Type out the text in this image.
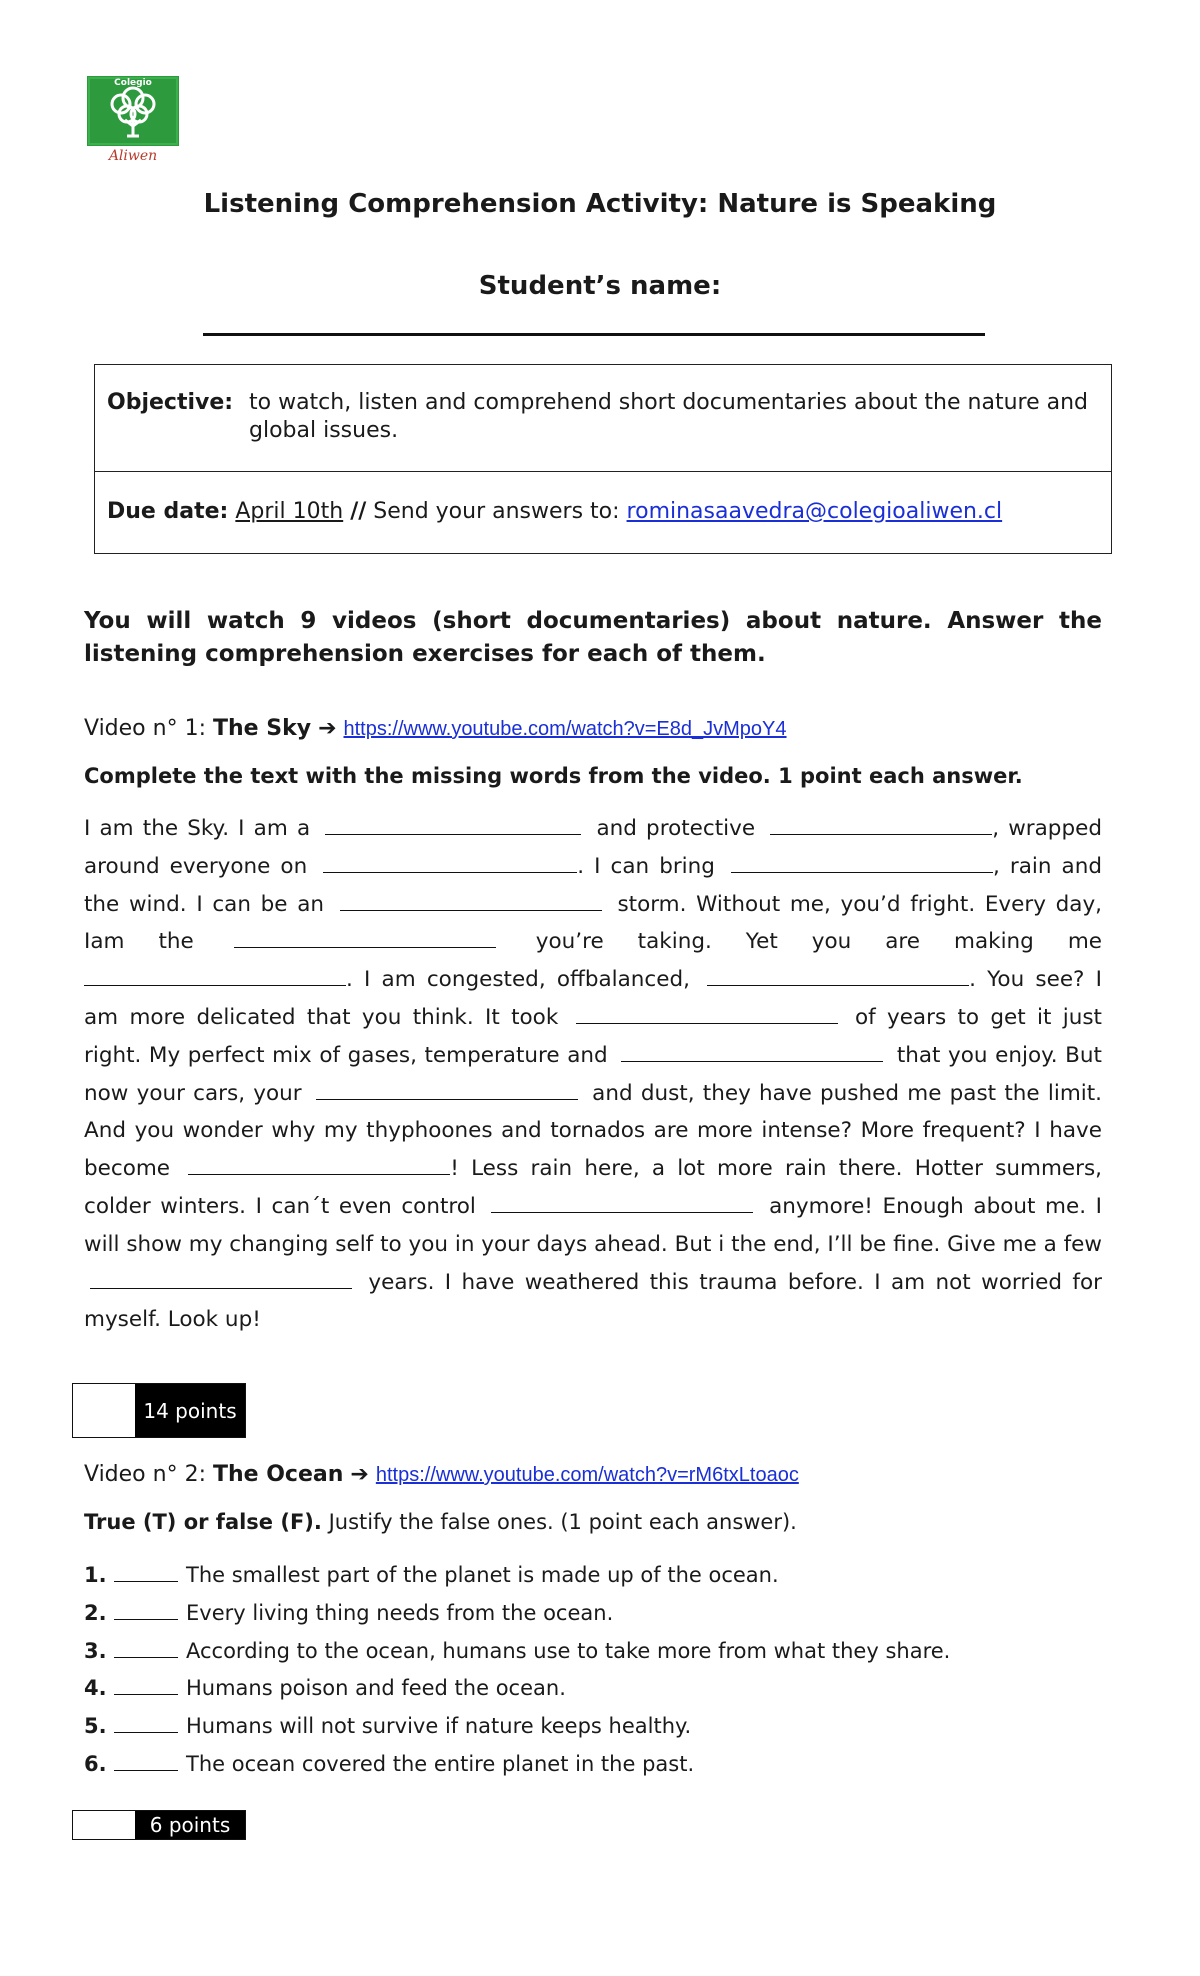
Colegio
Aliwen
Listening Comprehension Activity: Nature is Speaking
Student’s name:
Objective: to watch, listen and comprehend short documentaries about the nature and global issues.
Due date: April 10th // Send your answers to: rominasaavedra@colegioaliwen.cl
You will watch 9 videos (short documentaries) about nature. Answer the listening comprehension exercises for each of them.
Video n° 1: The Sky ➔ https://www.youtube.com/watch?v=E8d_JvMpoY4
Complete the text with the missing words from the video. 1 point each answer.
I am the Sky. I am a	and protective	, wrapped around everyone on	. I can bring	, rain and the wind. I can be an	storm. Without me, you’d fright. Every day, Iam the	you’re taking. Yet you are making me . I am congested, offbalanced,	. You see? I am more delicated that you think. It took	of years to get it just right. My perfect mix of gases, temperature and	that you enjoy. But now your cars, your	and dust, they have pushed me past the limit. And you wonder why my thyphoones and tornados are more intense? More frequent? I have become	! Less rain here, a lot more rain there. Hotter summers, colder winters. I can´t even control	anymore! Enough about me. I will show my changing self to you in your days ahead. But i the end, I’ll be fine. Give me a few  years. I have weathered this trauma before. I am not worried for myself. Look up!
14 points
Video n° 2: The Ocean ➔ https://www.youtube.com/watch?v=rM6txLtoaoc
True (T) or false (F). Justify the false ones. (1 point each answer).
1.	The smallest part of the planet is made up of the ocean.
2.	Every living thing needs from the ocean.
3.	According to the ocean, humans use to take more from what they share.
4.	Humans poison and feed the ocean.
5.	Humans will not survive if nature keeps healthy.
6.	The ocean covered the entire planet in the past.
6 points
